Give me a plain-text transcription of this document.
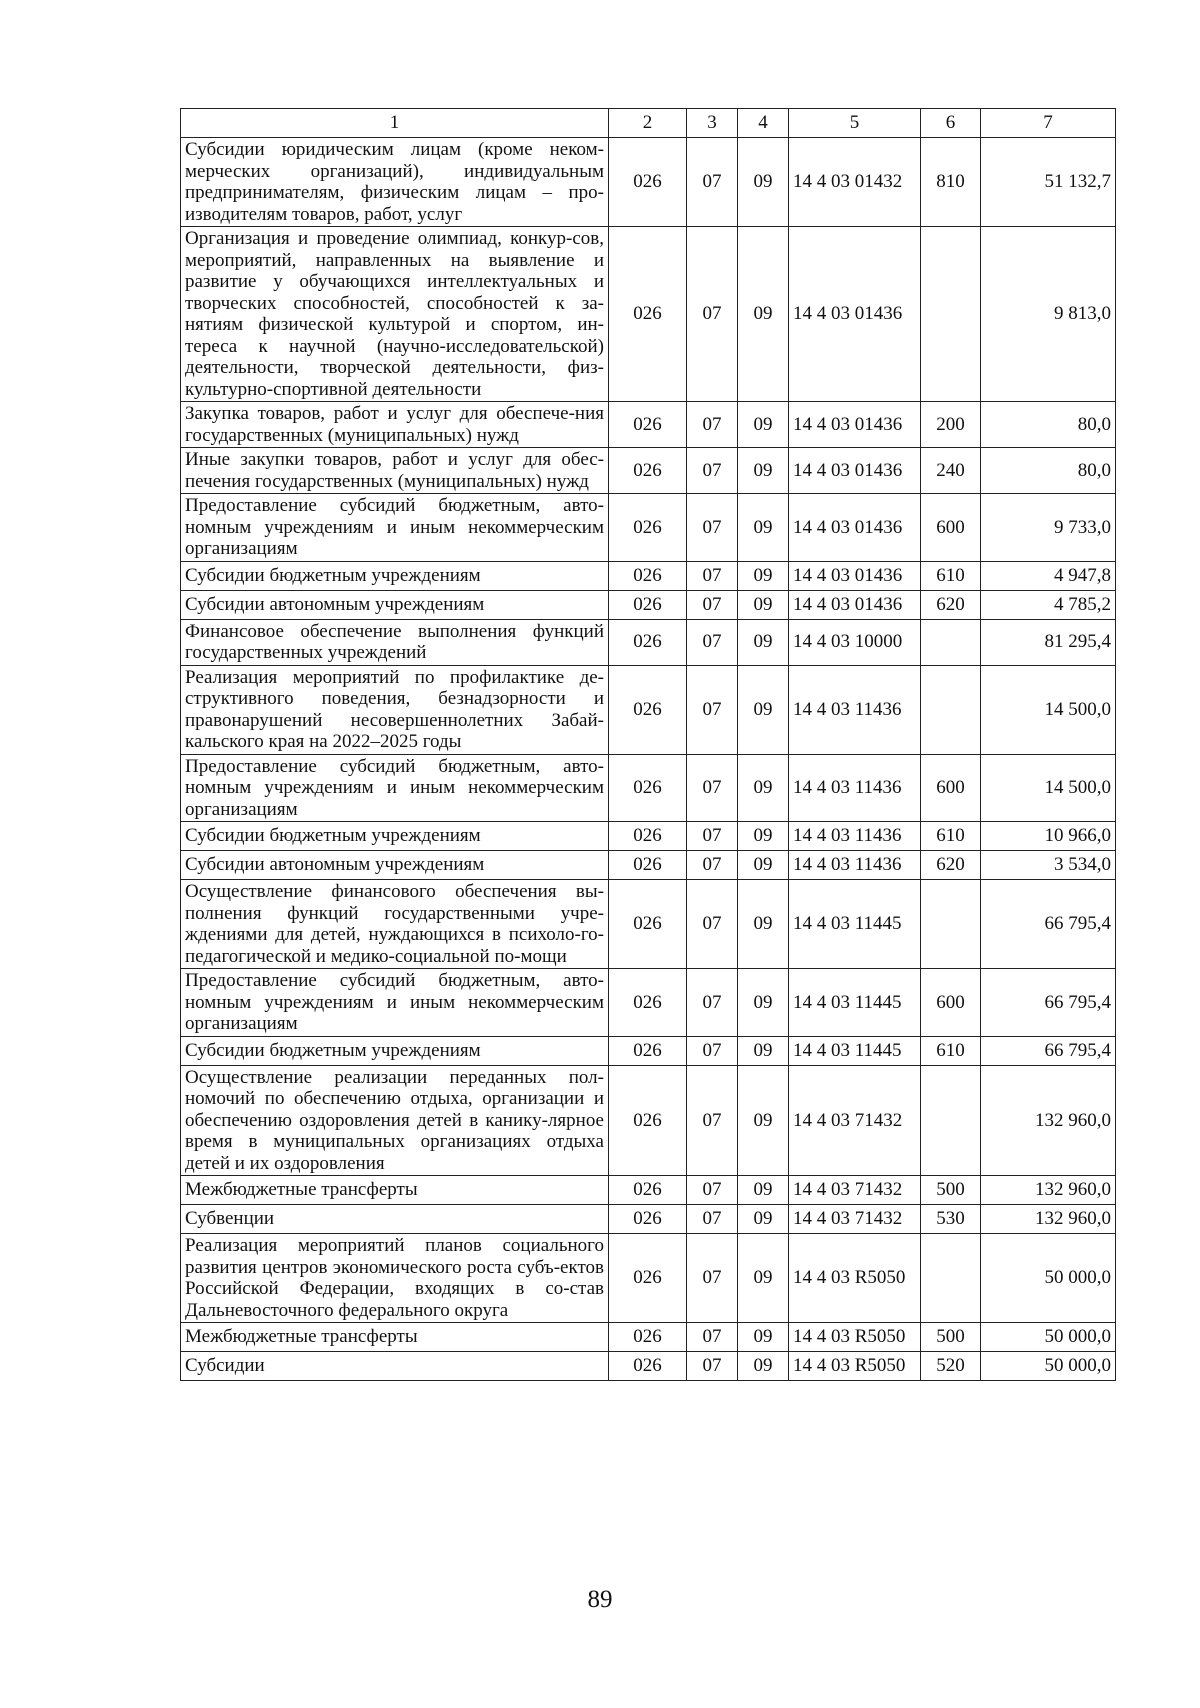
1	2	3	4	5	6	7
Субсидии юридическим лицам (кроме неком-мерческих организаций), индивидуальным предпринимателям, физическим лицам – про-изводителям товаров, работ, услуг	026	07	09	14 4 03 01432	810	51 132,7
Организация и проведение олимпиад, конкур-сов, мероприятий, направленных на выявление и развитие у обучающихся интеллектуальных и творческих способностей, способностей к за-нятиям физической культурой и спортом, ин-тереса к научной (научно-исследовательской) деятельности, творческой деятельности, физ-культурно-спортивной деятельности	026	07	09	14 4 03 01436		9 813,0
Закупка товаров, работ и услуг для обеспече-ния государственных (муниципальных) нужд	026	07	09	14 4 03 01436	200	80,0
Иные закупки товаров, работ и услуг для обес-печения государственных (муниципальных) нужд	026	07	09	14 4 03 01436	240	80,0
Предоставление субсидий бюджетным, авто-номным учреждениям и иным некоммерческим организациям	026	07	09	14 4 03 01436	600	9 733,0
Субсидии бюджетным учреждениям	026	07	09	14 4 03 01436	610	4 947,8
Субсидии автономным учреждениям	026	07	09	14 4 03 01436	620	4 785,2
Финансовое обеспечение выполнения функций государственных учреждений	026	07	09	14 4 03 10000		81 295,4
Реализация мероприятий по профилактике де-структивного поведения, безнадзорности и правонарушений несовершеннолетних Забай-кальского края на 2022–2025 годы	026	07	09	14 4 03 11436		14 500,0
Предоставление субсидий бюджетным, авто-номным учреждениям и иным некоммерческим организациям	026	07	09	14 4 03 11436	600	14 500,0
Субсидии бюджетным учреждениям	026	07	09	14 4 03 11436	610	10 966,0
Субсидии автономным учреждениям	026	07	09	14 4 03 11436	620	3 534,0
Осуществление финансового обеспечения вы-полнения функций государственными учре-ждениями для детей, нуждающихся в психоло-го-педагогической и медико-социальной по-мощи	026	07	09	14 4 03 11445		66 795,4
Предоставление субсидий бюджетным, авто-номным учреждениям и иным некоммерческим организациям	026	07	09	14 4 03 11445	600	66 795,4
Субсидии бюджетным учреждениям	026	07	09	14 4 03 11445	610	66 795,4
Осуществление реализации переданных пол-номочий по обеспечению отдыха, организации и обеспечению оздоровления детей в канику-лярное время в муниципальных организациях отдыха детей и их оздоровления	026	07	09	14 4 03 71432		132 960,0
Межбюджетные трансферты	026	07	09	14 4 03 71432	500	132 960,0
Субвенции	026	07	09	14 4 03 71432	530	132 960,0
Реализация мероприятий планов социального развития центров экономического роста субъ-ектов Российской Федерации, входящих в со-став Дальневосточного федерального округа	026	07	09	14 4 03 R5050		50 000,0
Межбюджетные трансферты	026	07	09	14 4 03 R5050	500	50 000,0
Субсидии	026	07	09	14 4 03 R5050	520	50 000,0
89
